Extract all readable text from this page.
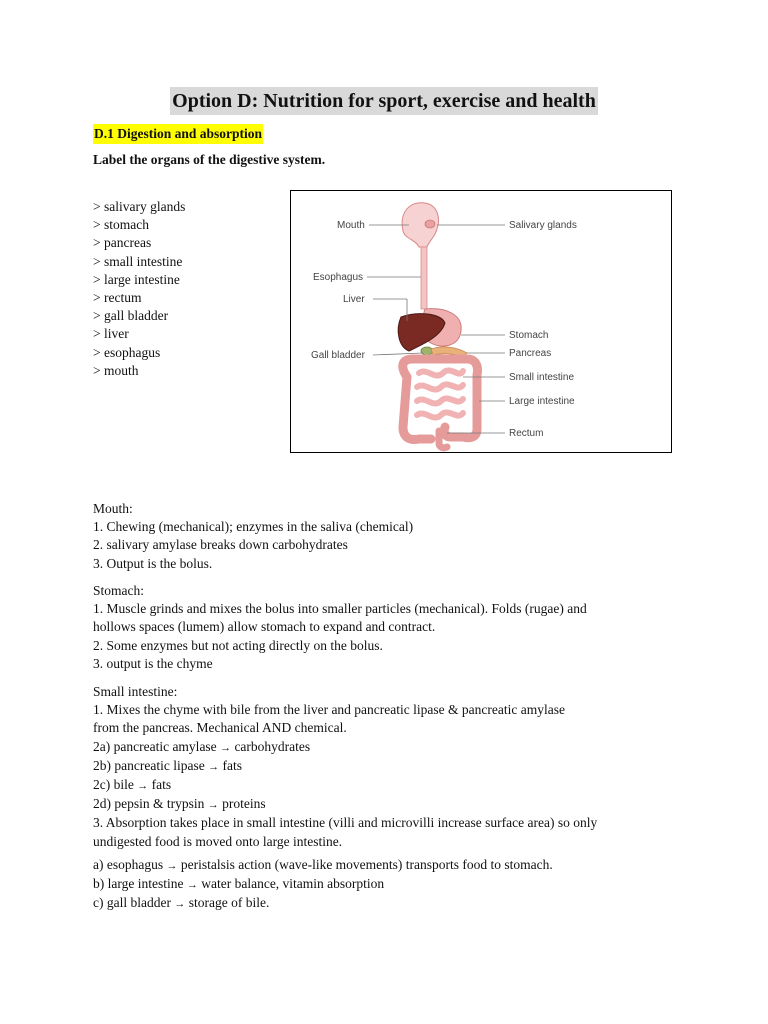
Option D: Nutrition for sport, exercise and health
D.1 Digestion and absorption
Label the organs of the digestive system.
> salivary glands
> stomach
> pancreas
> small intestine
> large intestine
> rectum
> gall bladder
> liver
> esophagus
> mouth
Mouth	Salivary glands
Esophagus
Liver
Gall bladder
Stomach
Pancreas
Small intestine
Large intestine
Rectum
Mouth:
1. Chewing (mechanical); enzymes in the saliva (chemical)
2. salivary amylase breaks down carbohydrates
3. Output is the bolus.
Stomach:
1. Muscle grinds and mixes the bolus into smaller particles (mechanical). Folds (rugae) and
hollows spaces (lumem) allow stomach to expand and contract.
2. Some enzymes but not acting directly on the bolus.
3. output is the chyme
Small intestine:
1. Mixes the chyme with bile from the liver and pancreatic lipase & pancreatic amylase
from the pancreas. Mechanical AND chemical.
2a) pancreatic amylase → carbohydrates
2b) pancreatic lipase → fats
2c) bile → fats
2d) pepsin & trypsin → proteins
3. Absorption takes place in small intestine (villi and microvilli increase surface area) so only
undigested food is moved onto large intestine.
a) esophagus → peristalsis action (wave-like movements) transports food to stomach.
b) large intestine → water balance, vitamin absorption
c) gall bladder → storage of bile.
